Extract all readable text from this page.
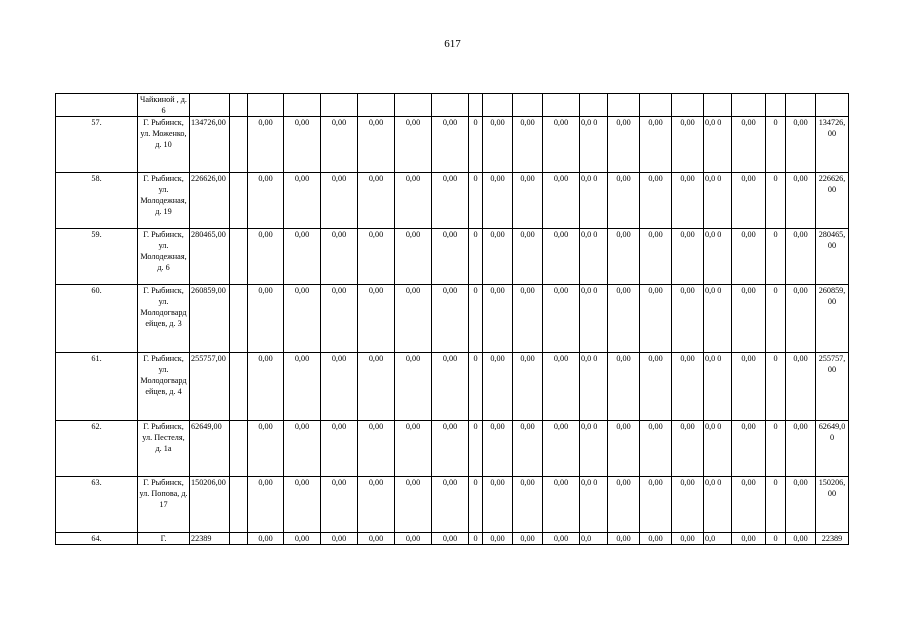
617
	Чайкиной , д. 6																					
57.	Г. Рыбинск, ул. Моженко, д. 10	134726,00		0,00	0,00	0,00	0,00	0,00	0,00	0	0,00	0,00	0,00	0,0 0	0,00	0,00	0,00	0,0 0	0,00	0	0,00	134726,00
58.	Г. Рыбинск, ул. Молодежная, д. 19	226626,00		0,00	0,00	0,00	0,00	0,00	0,00	0	0,00	0,00	0,00	0,0 0	0,00	0,00	0,00	0,0 0	0,00	0	0,00	226626,00
59.	Г. Рыбинск, ул. Молодежная, д. 6	280465,00		0,00	0,00	0,00	0,00	0,00	0,00	0	0,00	0,00	0,00	0,0 0	0,00	0,00	0,00	0,0 0	0,00	0	0,00	280465,00
60.	Г. Рыбинск, ул. Молодогвардейцев, д. 3	260859,00		0,00	0,00	0,00	0,00	0,00	0,00	0	0,00	0,00	0,00	0,0 0	0,00	0,00	0,00	0,0 0	0,00	0	0,00	260859,00
61.	Г. Рыбинск, ул. Молодогвардейцев, д. 4	255757,00		0,00	0,00	0,00	0,00	0,00	0,00	0	0,00	0,00	0,00	0,0 0	0,00	0,00	0,00	0,0 0	0,00	0	0,00	255757,00
62.	Г. Рыбинск, ул. Пестеля, д. 1а	62649,00		0,00	0,00	0,00	0,00	0,00	0,00	0	0,00	0,00	0,00	0,0 0	0,00	0,00	0,00	0,0 0	0,00	0	0,00	62649,00
63.	Г. Рыбинск, ул. Попова, д. 17	150206,00		0,00	0,00	0,00	0,00	0,00	0,00	0	0,00	0,00	0,00	0,0 0	0,00	0,00	0,00	0,0 0	0,00	0	0,00	150206,00
64.	Г.	22389		0,00	0,00	0,00	0,00	0,00	0,00	0	0,00	0,00	0,00	0,0	0,00	0,00	0,00	0,0	0,00	0	0,00	22389
